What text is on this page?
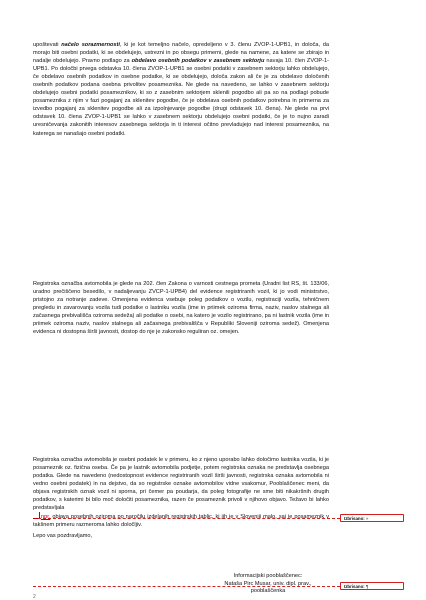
upoštevati načelo sorazmernosti, ki je kot temeljno načelo, opredeljeno v 3. členu ZVOP-1-UPB1, in določa, da morajo biti osebni podatki, ki se obdelujejo, ustrezni in po obsegu primerni, glede na namene, za katere se zbirajo in nadalje obdelujejo. Pravno podlago za obdelavo osebnih podatkov v zasebnem sektorju navaja 10. člen ZVOP-1-UPB1. Po določbi prvega odstavka 10. člena ZVOP-1-UPB1 se osebni podatki v zasebnem sektorju lahko obdelujejo, če obdelavo osebnih podatkov in osebne podatke, ki se obdelujejo, določa zakon ali če je za obdelavo določenih osebnih podatkov podana osebna privolitev posameznika. Ne glede na navedeno, se lahko v zasebnem sektorju obdelujejo osebni podatki posameznikov, ki so z zasebnim sektorjem sklenili pogodbo ali pa so na podlagi pobude posameznika z njim v fazi pogajanj za sklenitev pogodbe, če je obdelava osebnih podatkov potrebna in primerna za izvedbo pogajanj za sklenitev pogodbe ali za izpolnjevanje pogodbe (drugi odstavek 10. člena). Ne glede na prvi odstavek 10. člena ZVOP-1-UPB1 se lahko v zasebnem sektorju obdelujejo osebni podatki, če je to nujno zaradi uresničevanja zakonitih interesov zasebnega sektorja in ti interesi očitno prevladujejo nad interesi posameznika, na katerega se nanašajo osebni podatki.

Registrska označba avtomobila je glede na 202. člen Zakona o varnosti cestnega prometa (Uradni list RS, št. 133/06, uradno prečiščeno besedilo, v nadaljevanju ZVCP-1-UPB4) del evidence registriranih vozil, ki jo vodi ministrstvo, pristojno za notranje zadeve. Omenjena evidenca vsebuje poleg podatkov o vozilu, registraciji vozila, tehničnem pregledu in zavarovanju vozila tudi podatke o lastniku vozila (ime in priimek oziroma firma, naziv, naslov stalnega ali začasnega prebivališča oziroma sedeža) ali podatke o osebi, na katero je vozilo registrirano, pa ni lastnik vozila (ime in priimek oziroma naziv, naslov stalnega ali začasnega prebivališča v Republiki Sloveniji oziroma sedež). Omenjena evidenca ni dostopna širši javnosti, dostop do nje je zakonsko reguliran oz. omejen.

Registrska označba avtomobila je osebni podatek le v primeru, ko z njeno uporabo lahko določimo lastnika vozila, ki je posameznik oz. fizična oseba. Če pa je lastnik avtomobila podjetje, potem registrska oznaka ne predstavlja osebnega podatka. Glede na navedeno (nedostopnost evidence registriranih vozil širši javnosti, registrska oznaka avtomobila ni vedno osebni podatek) in na dejstvo, da so registrske oznake avtomobilov vidne vsakomur, Pooblaščenec meni, da objava registrskih oznak vozil ni sporna, pri čemer pa poudarja, da poleg fotografije ne sme biti nikakršnih drugih podatkov, s katerimi bi bilo moč določiti posameznika, razen če posameznik privoli v njihovo objavo. Težavo bi lahko predstavljala
npr. objava posebnih oziroma po naročilu izdelanih registrskih tablic, ki jih je v Sloveniji malo, saj je posameznik v takšnem primeru razmeroma lahko določljiv.

Lepo vas pozdravljamo,

Informacijski pooblaščenec:
Nataša Pirc Musar, univ. dipl. prav.,
pooblaščenka
Izbrisano: »
Izbrisano: ¶
2
